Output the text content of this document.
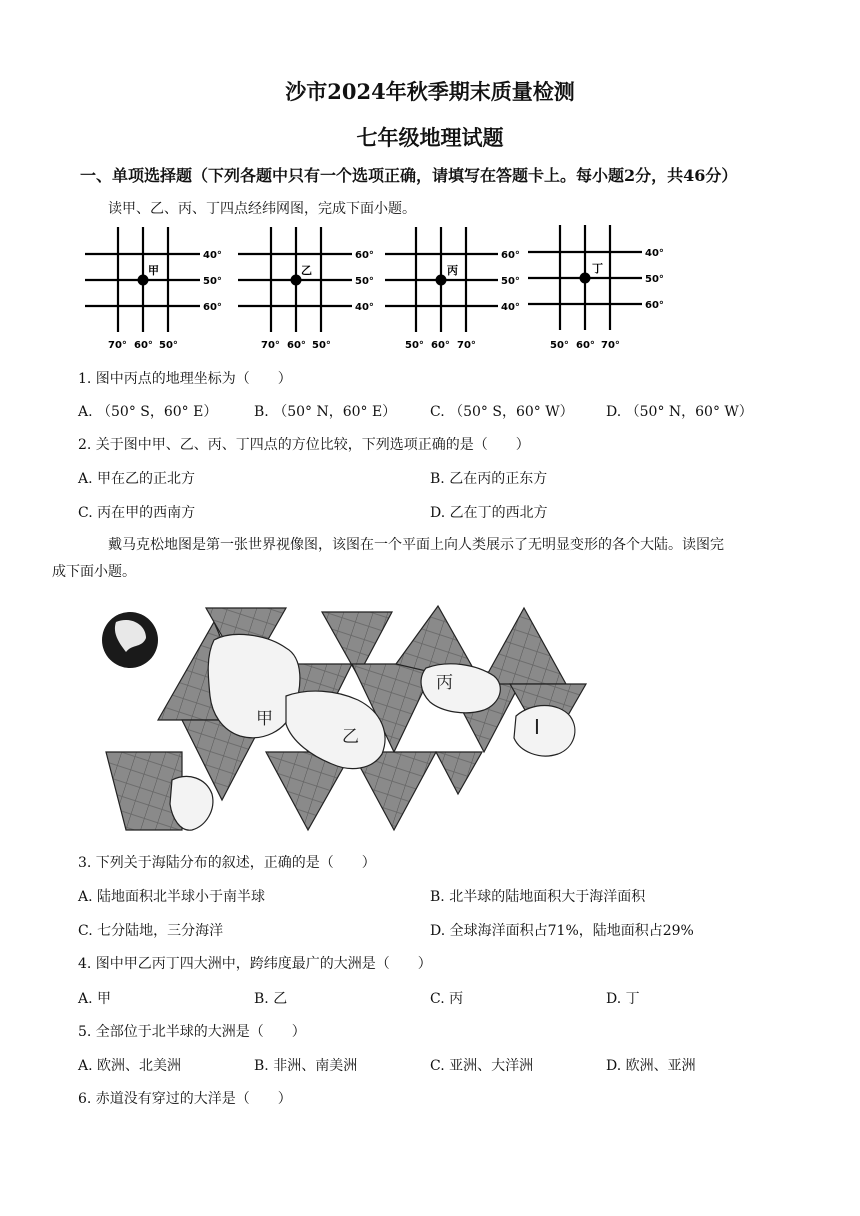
沙市2024年秋季期末质量检测
七年级地理试题
一、单项选择题（下列各题中只有一个选项正确，请填写在答题卡上。每小题2分，共46分）
读甲、乙、丙、丁四点经纬网图，完成下面小题。
甲
40°
50°
60°
70° 60° 50°
乙
60°
50°
40°
70° 60° 50°
丙
60°
50°
40°
50° 60° 70°
丁
40°
50°
60°
50° 60° 70°
1. 图中丙点的地理坐标为（　　）
A. （50° S，60° E）	B. （50° N，60° E） C. （50° S，60° W） D. （50° N，60° W）
2. 关于图中甲、乙、丙、丁四点的方位比较，下列选项正确的是（　　）
A. 甲在乙的正北方	B. 乙在丙的正东方
C. 丙在甲的西南方	D. 乙在丁的西北方
戴马克松地图是第一张世界视像图，该图在一个平面上向人类展示了无明显变形的各个大陆。读图完
成下面小题。
甲
乙
丙
I
3. 下列关于海陆分布的叙述，正确的是（　　）
A. 陆地面积北半球小于南半球	B. 北半球的陆地面积大于海洋面积
C. 七分陆地，三分海洋	D. 全球海洋面积占71%，陆地面积占29%
4. 图中甲乙丙丁四大洲中，跨纬度最广的大洲是（　　）
A. 甲	B. 乙	C. 丙	D. 丁
5. 全部位于北半球的大洲是（　　）
A. 欧洲、北美洲	B. 非洲、南美洲	C. 亚洲、大洋洲	D. 欧洲、亚洲
6. 赤道没有穿过的大洋是（　　）
